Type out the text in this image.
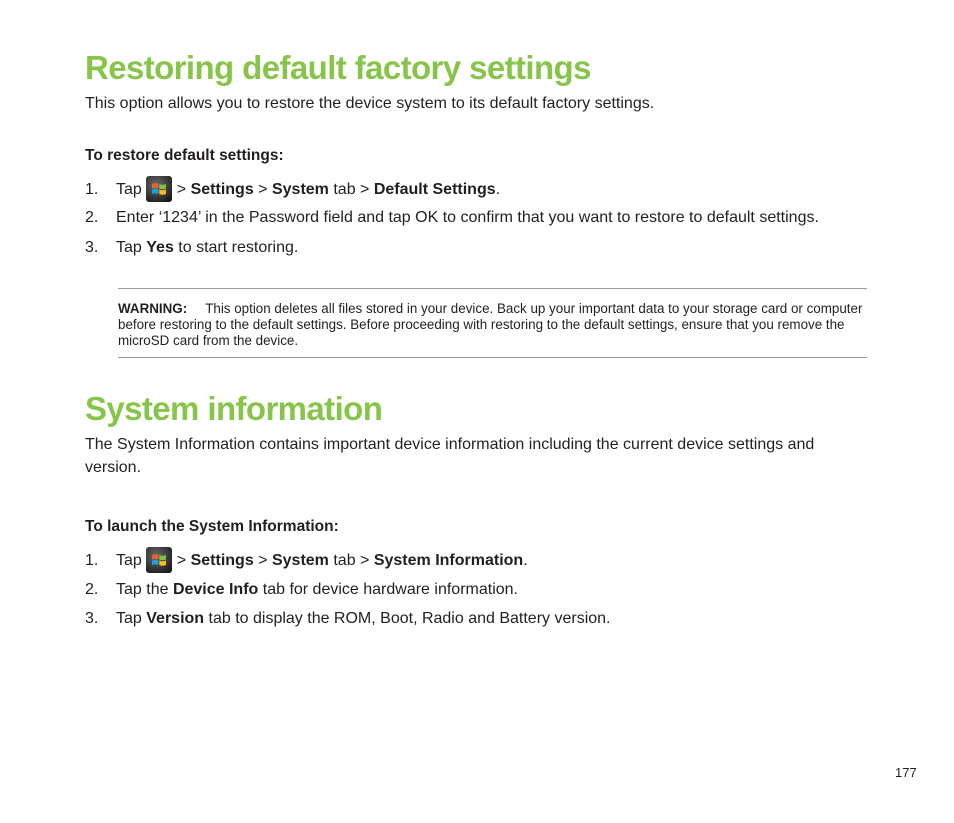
Restoring default factory settings
This option allows you to restore the device system to its default factory settings.
To restore default settings:
1.	Tap > Settings
>
System
tab >
Default Settings .
2.	Enter ‘1234’ in the Password field and tap OK to confirm that you want to restore to default settings.
3.	Tap
Yes
to start restoring.
WARNING: This option deletes all files stored in your device. Back up your important data to your storage card or computer before restoring to the default settings. Before proceeding with restoring to the default settings, ensure that you remove the microSD card from the device.
System information
The System Information contains important device information including the current device settings and version.
To launch the System Information:
1.	Tap > Settings
>
System
tab >
System Information .
2.	Tap the
Device Info
tab for device hardware information.
3.	Tap
Version
tab to display the ROM, Boot, Radio and Battery version.
177
